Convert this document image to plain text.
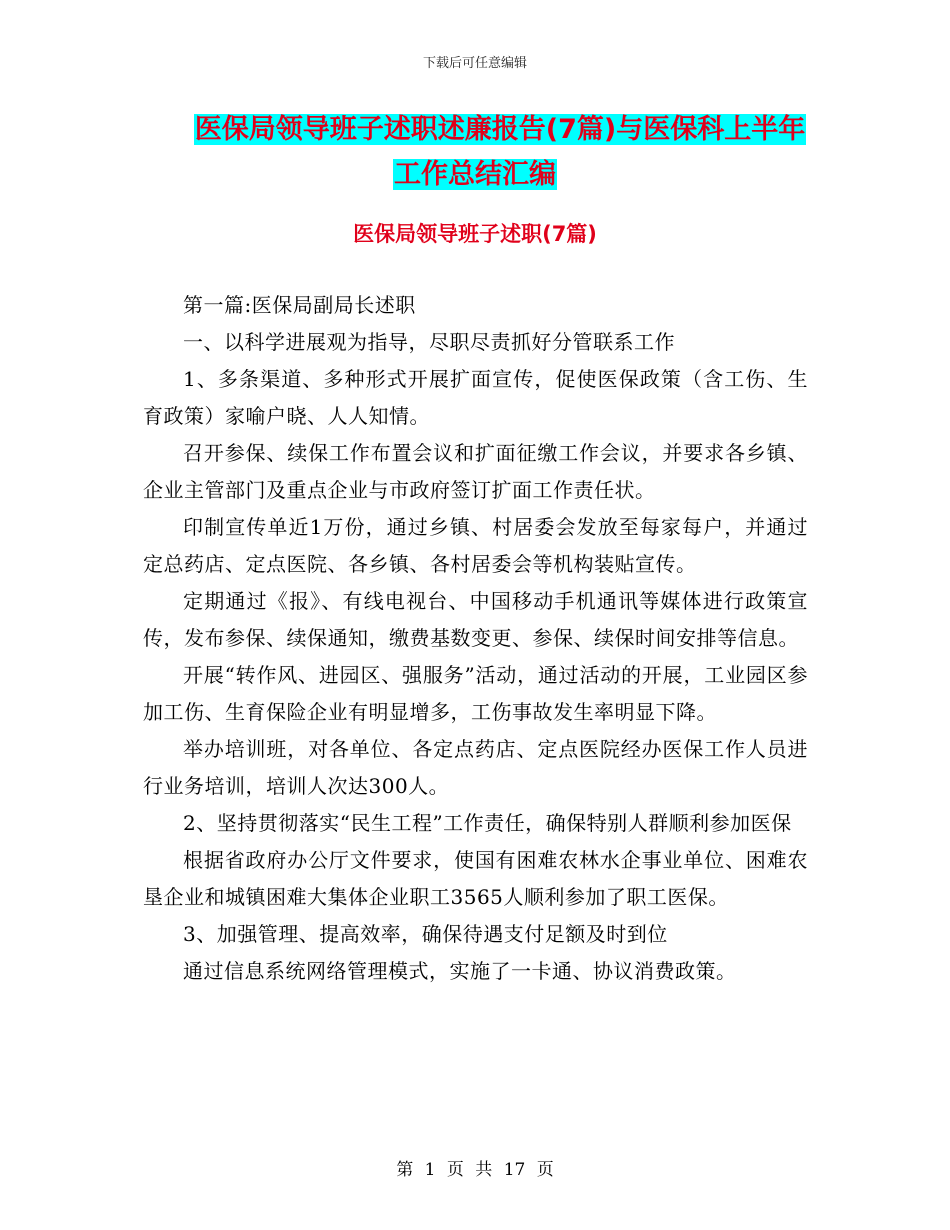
下载后可任意编辑
医保局领导班子述职述廉报告(7篇)与医保科上半年
工作总结汇编
医保局领导班子述职(7篇)

第一篇:医保局副局长述职

一、以科学进展观为指导，尽职尽责抓好分管联系工作

1、多条渠道、多种形式开展扩面宣传，促使医保政策（含工伤、生育政策）家喻户晓、人人知情。

召开参保、续保工作布置会议和扩面征缴工作会议，并要求各乡镇、企业主管部门及重点企业与市政府签订扩面工作责任状。

印制宣传单近1万份，通过乡镇、村居委会发放至每家每户，并通过定总药店、定点医院、各乡镇、各村居委会等机构装贴宣传。

定期通过《报》、有线电视台、中国移动手机通讯等媒体进行政策宣传，发布参保、续保通知，缴费基数变更、参保、续保时间安排等信息。

开展“转作风、进园区、强服务”活动，通过活动的开展，工业园区参加工伤、生育保险企业有明显增多，工伤事故发生率明显下降。

举办培训班，对各单位、各定点药店、定点医院经办医保工作人员进行业务培训，培训人次达300人。

2、坚持贯彻落实“民生工程”工作责任，确保特别人群顺利参加医保

根据省政府办公厅文件要求，使国有困难农林水企事业单位、困难农垦企业和城镇困难大集体企业职工3565人顺利参加了职工医保。

3、加强管理、提高效率，确保待遇支付足额及时到位

通过信息系统网络管理模式，实施了一卡通、协议消费政策。

第 1 页 共 17 页
